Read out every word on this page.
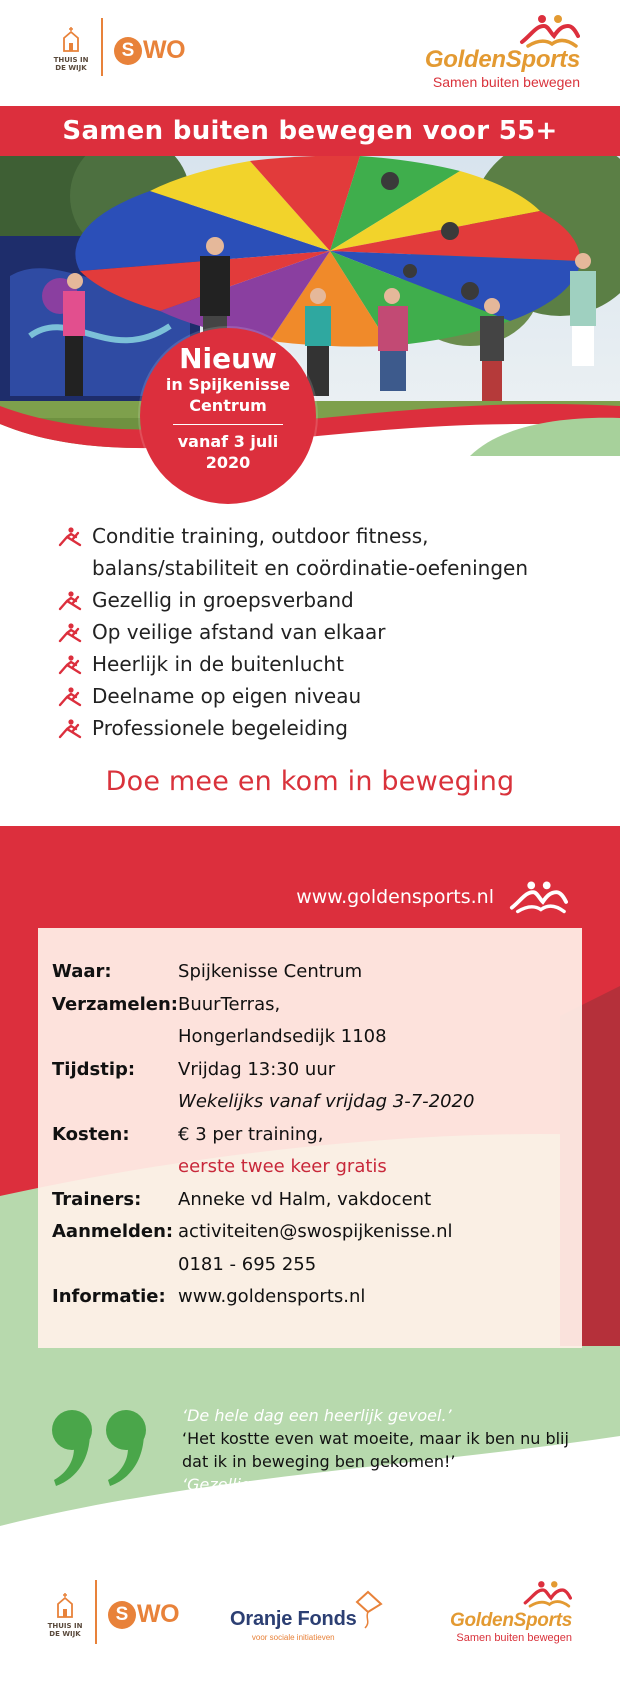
THUIS IN DE WIJK
S WO	GoldenSports
Samen buiten bewegen
Samen buiten bewegen voor 55+
Nieuw
in Spijkenisse
Centrum
vanaf 3 juli
2020
Conditie training, outdoor fitness, balans/stabiliteit en coördinatie-oefeningen
Gezellig in groepsverband
Op veilige afstand van elkaar
Heerlijk in de buitenlucht
Deelname op eigen niveau
Professionele begeleiding
Doe mee en kom in beweging
www.goldensports.nl
Waar:	Spijkenisse Centrum
Verzamelen:	BuurTerras,
	Hongerlandsedijk 1108
Tijdstip:	Vrijdag 13:30 uur
	Wekelijks vanaf vrijdag 3-7-2020
Kosten:	€ 3 per training,
	eerste twee keer gratis
Trainers:	Anneke vd Halm, vakdocent
Aanmelden:	activiteiten@swospijkenisse.nl
	0181 - 695 255
Informatie:	www.goldensports.nl
‘De hele dag een heerlijk gevoel.’
‘Het kostte even wat moeite, maar ik ben nu blij dat ik in beweging ben gekomen!’
‘Gezellig om met een groep te sporten.’
THUIS IN DE WIJK
S WO	Oranje Fonds
voor sociale initiatieven
GoldenSports
Samen buiten bewegen
